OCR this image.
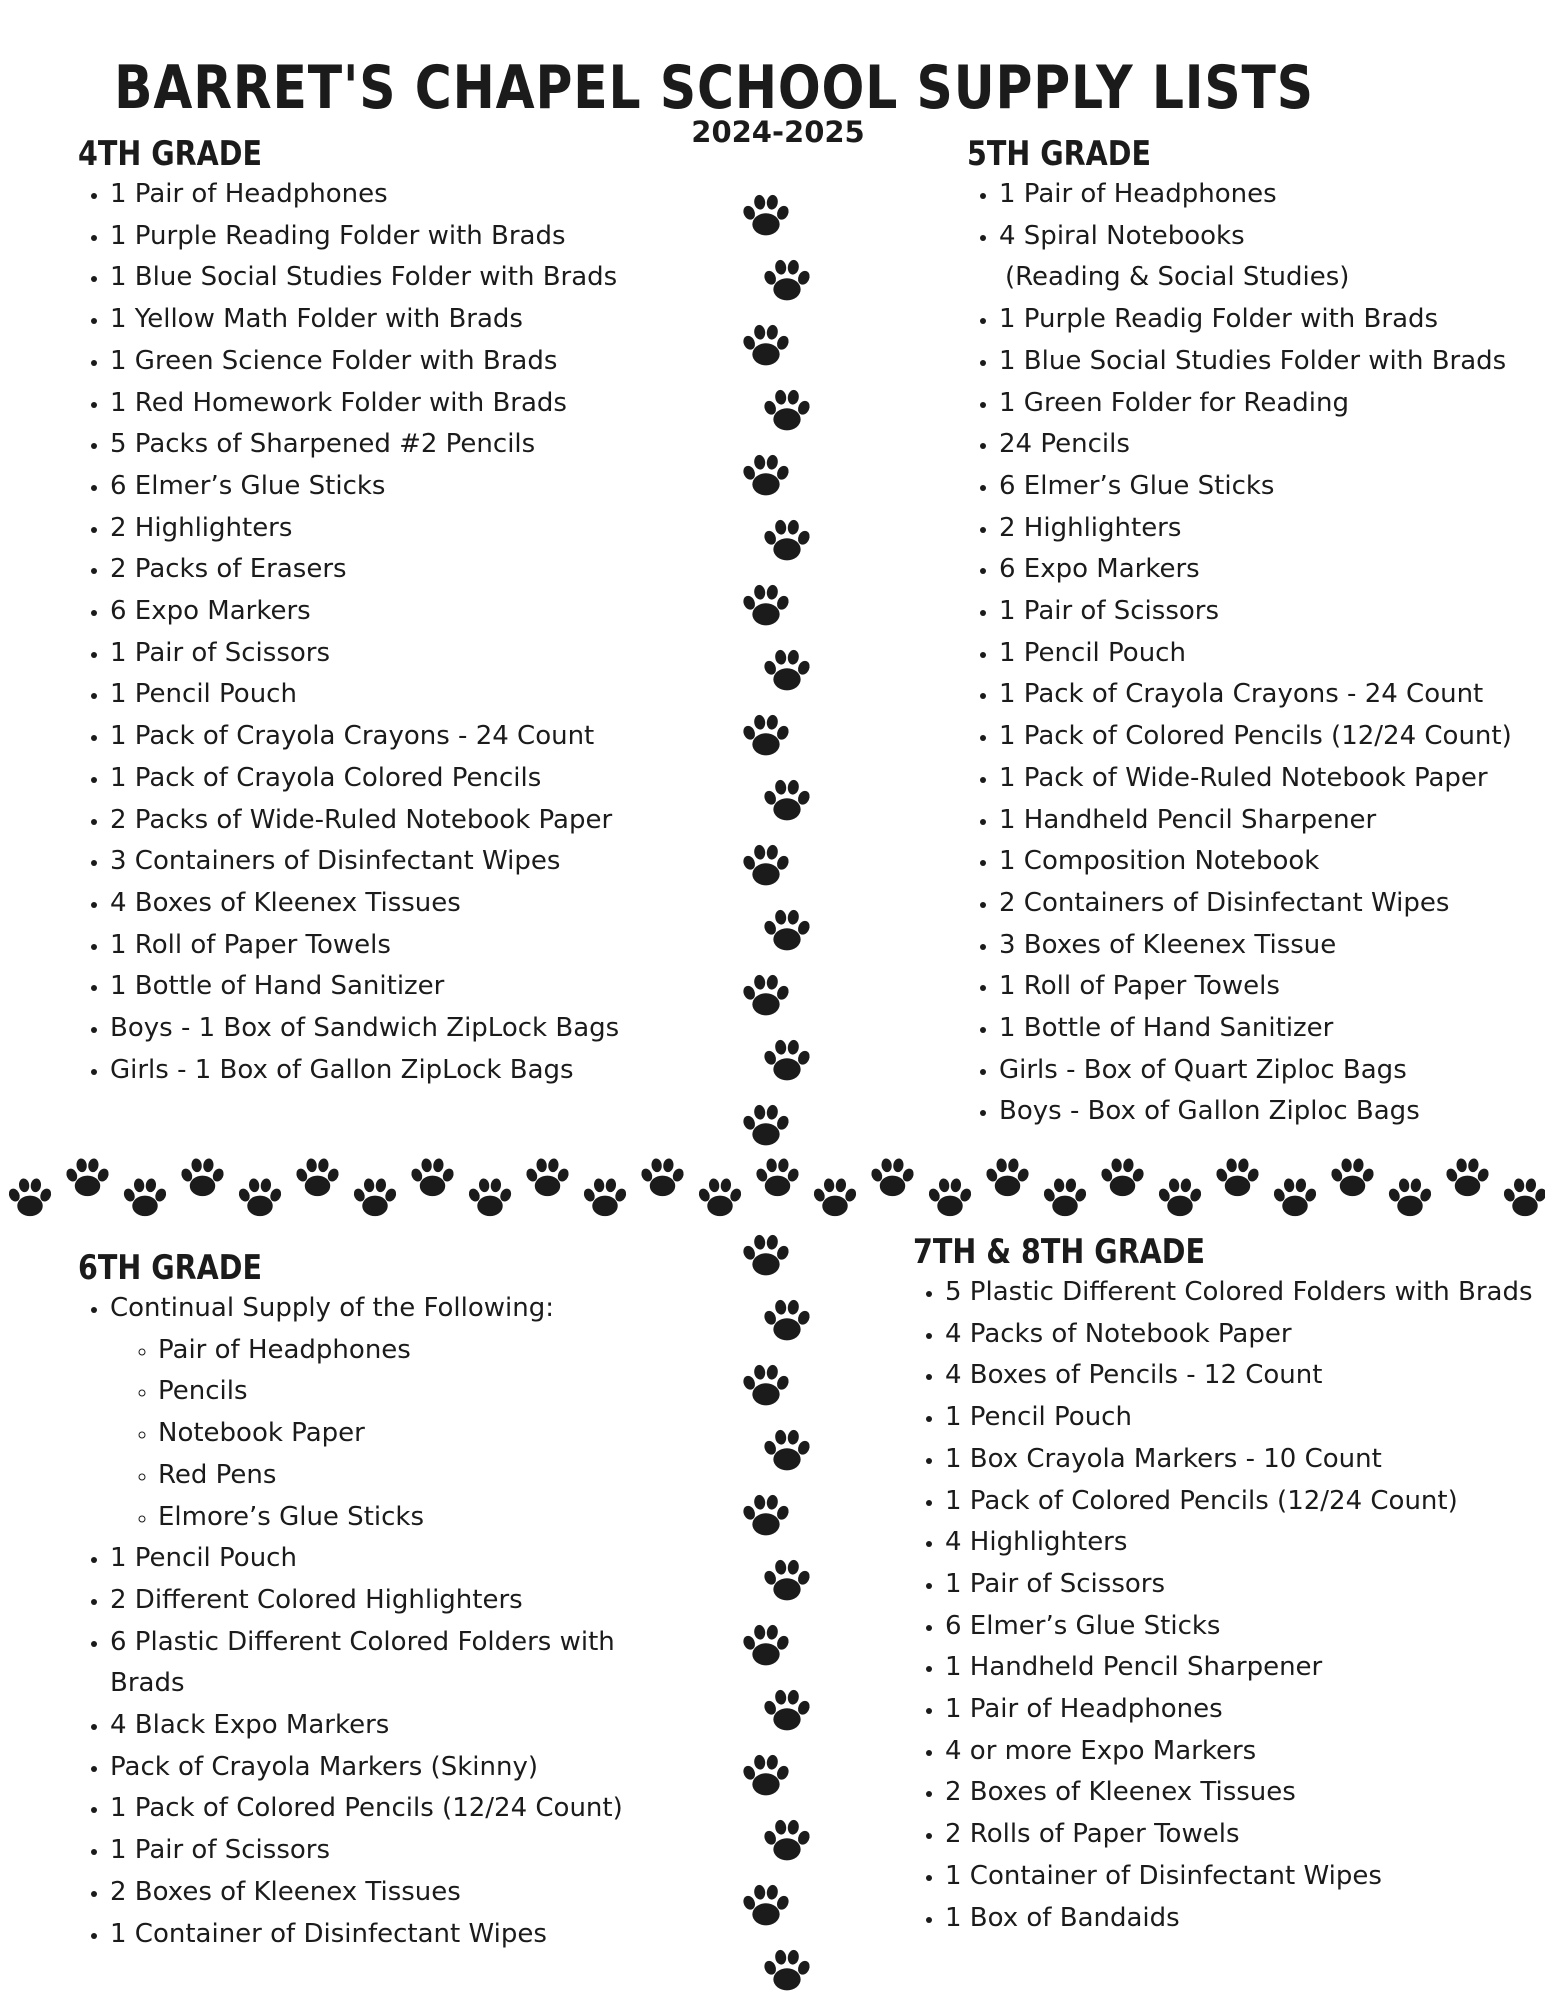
BARRET'S CHAPEL SCHOOL SUPPLY LISTS
2024-2025
4TH GRADE
• 1 Pair of Headphones
• 1 Purple Reading Folder with Brads
• 1 Blue Social Studies Folder with Brads
• 1 Yellow Math Folder with Brads
• 1 Green Science Folder with Brads
• 1 Red Homework Folder with Brads
• 5 Packs of Sharpened #2 Pencils
• 6 Elmer’s Glue Sticks
• 2 Highlighters
• 2 Packs of Erasers
• 6 Expo Markers
• 1 Pair of Scissors
• 1 Pencil Pouch
• 1 Pack of Crayola Crayons - 24 Count
• 1 Pack of Crayola Colored Pencils
• 2 Packs of Wide-Ruled Notebook Paper
• 3 Containers of Disinfectant Wipes
• 4 Boxes of Kleenex Tissues
• 1 Roll of Paper Towels
• 1 Bottle of Hand Sanitizer
• Boys - 1 Box of Sandwich ZipLock Bags
• Girls - 1 Box of Gallon ZipLock Bags
5TH GRADE
• 1 Pair of Headphones
• 4 Spiral Notebooks
(Reading & Social Studies)
• 1 Purple Readig Folder with Brads
• 1 Blue Social Studies Folder with Brads
• 1 Green Folder for Reading
• 24 Pencils
• 6 Elmer’s Glue Sticks
• 2 Highlighters
• 6 Expo Markers
• 1 Pair of Scissors
• 1 Pencil Pouch
• 1 Pack of Crayola Crayons - 24 Count
• 1 Pack of Colored Pencils (12/24 Count)
• 1 Pack of Wide-Ruled Notebook Paper
• 1 Handheld Pencil Sharpener
• 1 Composition Notebook
• 2 Containers of Disinfectant Wipes
• 3 Boxes of Kleenex Tissue
• 1 Roll of Paper Towels
• 1 Bottle of Hand Sanitizer
• Girls - Box of Quart Ziploc Bags
• Boys - Box of Gallon Ziploc Bags
6TH GRADE
• Continual Supply of the Following:
◦ Pair of Headphones
◦ Pencils
◦ Notebook Paper
◦ Red Pens
◦ Elmore’s Glue Sticks
• 1 Pencil Pouch
• 2 Different Colored Highlighters
• 6 Plastic Different Colored Folders with Brads
• 4 Black Expo Markers
• Pack of Crayola Markers (Skinny)
• 1 Pack of Colored Pencils (12/24 Count)
• 1 Pair of Scissors
• 2 Boxes of Kleenex Tissues
• 1 Container of Disinfectant Wipes
7TH & 8TH GRADE
• 5 Plastic Different Colored Folders with Brads
• 4 Packs of Notebook Paper
• 4 Boxes of Pencils - 12 Count
• 1 Pencil Pouch
• 1 Box Crayola Markers - 10 Count
• 1 Pack of Colored Pencils (12/24 Count)
• 4 Highlighters
• 1 Pair of Scissors
• 6 Elmer’s Glue Sticks
• 1 Handheld Pencil Sharpener
• 1 Pair of Headphones
• 4 or more Expo Markers
• 2 Boxes of Kleenex Tissues
• 2 Rolls of Paper Towels
• 1 Container of Disinfectant Wipes
• 1 Box of Bandaids
